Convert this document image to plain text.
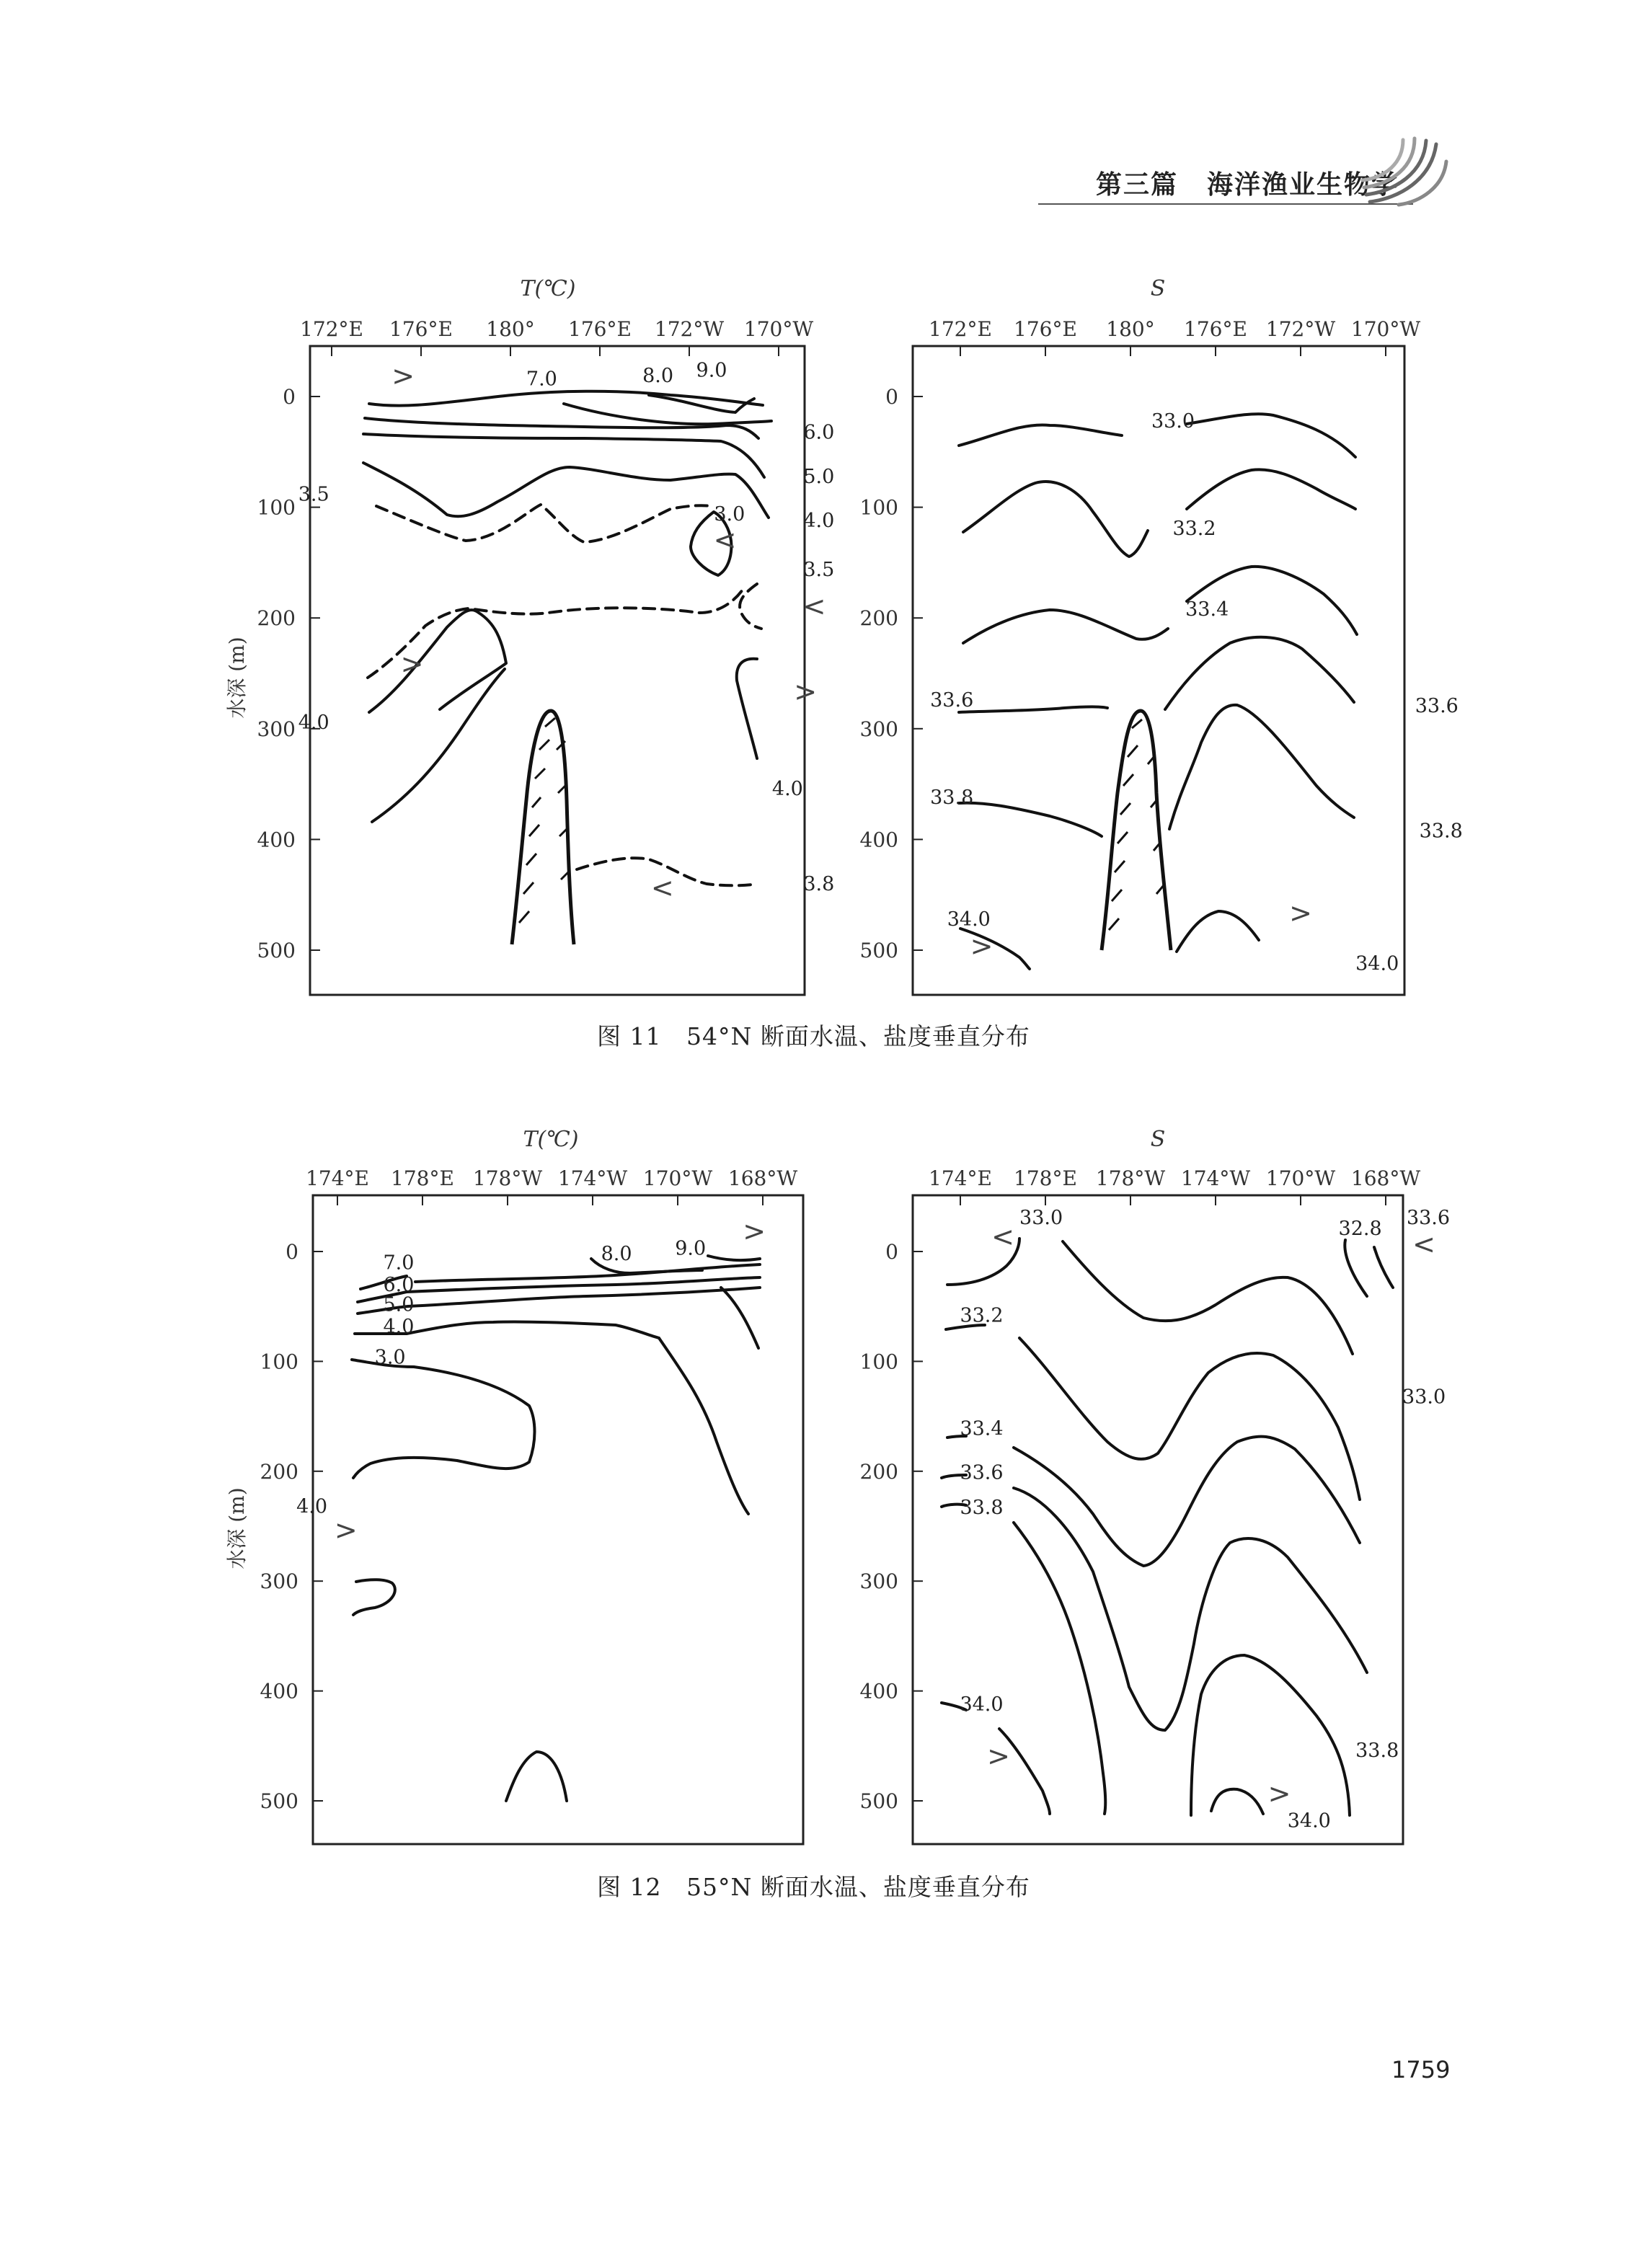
第三篇 海洋渔业生物学
T(℃)
172°E 176°E 180° 176°E 172°W 170°W
0
100
200
300
400
500
水深 (m)
7.0	8.0 9.0
6.0
5.0
3.5
3.0	4.0
3.5
4.0
4.0
3.8
>
<
<
>
>
<
S
172°E 176°E 180° 176°E 172°W 170°W
0
100
200
300
400
500
33.0
33.2
33.4
33.6	33.6
33.8
33.8
34.0
34.0
>
>
图 11 54°N 断面水温、盐度垂直分布
T(℃)
174°E 178°E 178°W 174°W 170°W 168°W
0
100
200
300
400
500
水深 (m)
7.0	8.0 9.0
6.0
5.0
4.0
3.0
4.0
>
>
S
174°E 178°E 178°W 174°W 170°W 168°W
0
100
200
300
400
500
33.0	32.8 33.6
33.2
33.0
33.4
33.6
33.8
34.0
33.8
34.0
<	<
>
>
图 12 55°N 断面水温、盐度垂直分布
1759
